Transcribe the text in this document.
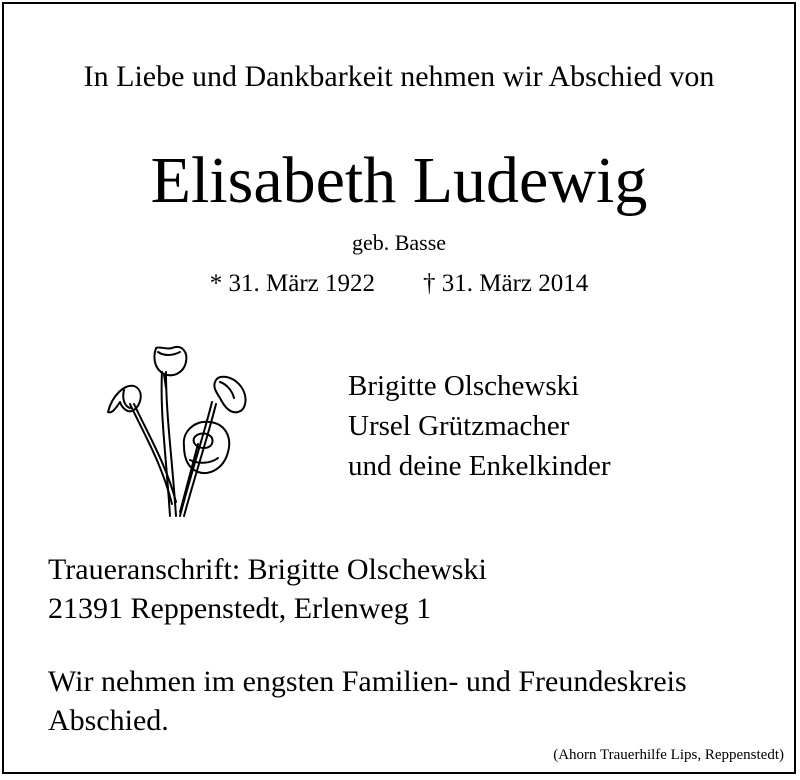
In Liebe und Dankbarkeit nehmen wir Abschied von
Elisabeth Ludewig
geb. Basse
* 31. März 1922 † 31. März 2014
Brigitte Olschewski
Ursel Grützmacher
und deine Enkelkinder
Traueranschrift: Brigitte Olschewski
21391 Reppenstedt, Erlenweg 1
Wir nehmen im engsten Familien- und Freundeskreis
Abschied.
(Ahorn Trauerhilfe Lips, Reppenstedt)
